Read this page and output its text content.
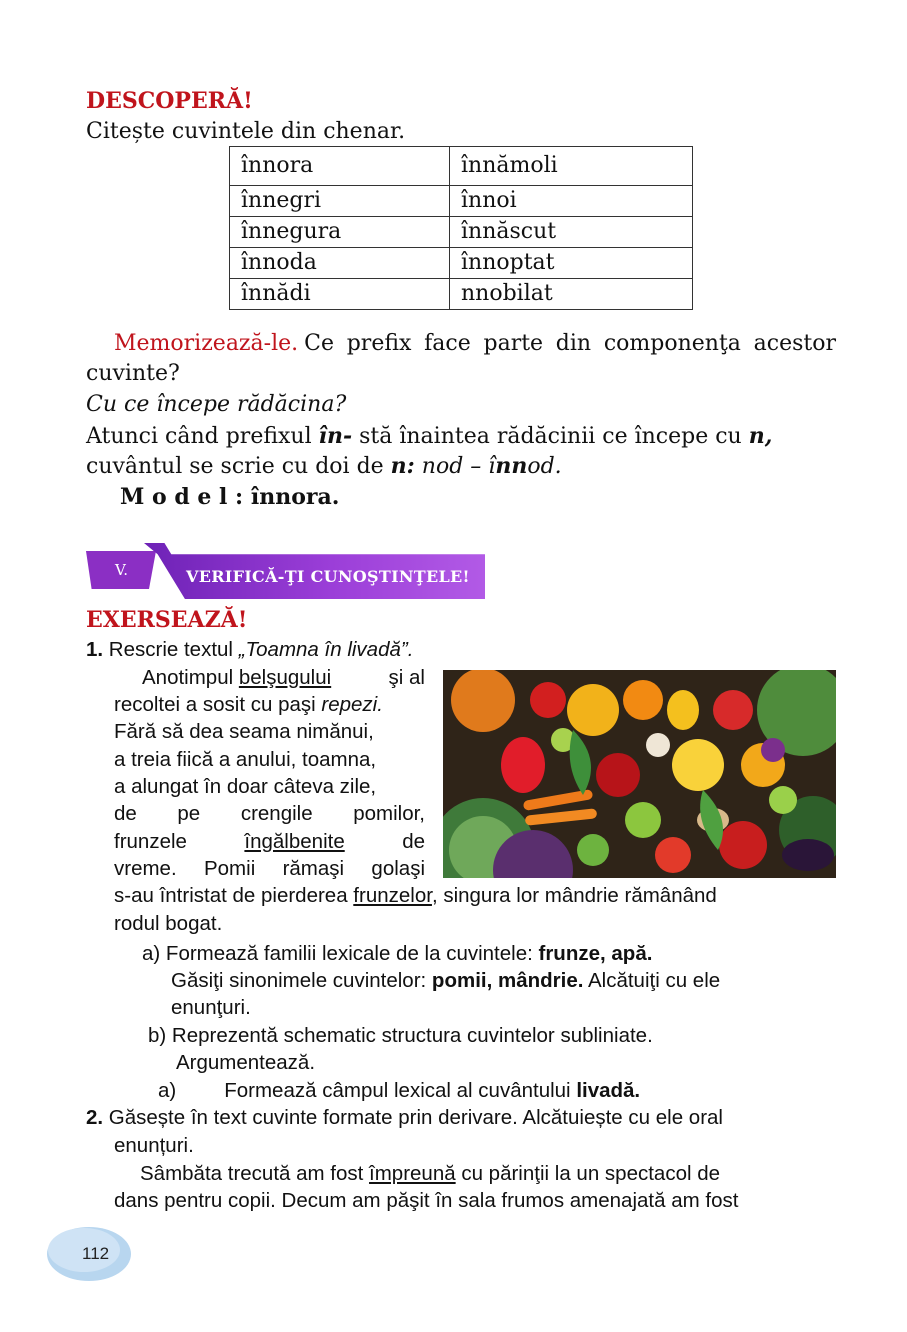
DESCOPERĂ!
Citește cuvintele din chenar.
înnora	înnămoli
înnegri	înnoi
înnegura	înnăscut
înnoda	înnoptat
înnădi	nnobilat
Memorizează-le. Ce prefix face parte din componenţa acestor
cuvinte?
Cu ce începe rădăcina?
Atunci când prefixul în- stă înaintea rădăcinii ce începe cu n,
cuvântul se scrie cu doi de n: nod – înnod.
M o d e l : înnora.
V.	VERIFICĂ-ŢI CUNOŞTINŢELE!
EXERSEAZĂ!
1. Rescrie textul „Toamna în livadă”.
Anotimpul belşugului	şi al
recoltei a sosit cu paşi repezi.
Fără să dea seama nimănui,
a treia fiică a anului, toamna,
a alungat în doar câteva zile,
de pe crengile pomilor,
frunzele	îngălbenite	de
vreme. Pomii rămaşi golaşi
s-au întristat de pierderea frunzelor, singura lor mândrie rămânând
rodul bogat.
a) Formează familii lexicale de la cuvintele: frunze, apă.
Găsiţi sinonimele cuvintelor: pomii, mândrie. Alcătuiţi cu ele
enunţuri.
b) Reprezentă schematic structura cuvintelor subliniate.
Argumentează.
a) Formează câmpul lexical al cuvântului livadă.
2. Găsește în text cuvinte formate prin derivare. Alcătuiește cu ele oral
enunțuri.
Sâmbăta trecută am fost împreună cu părinţii la un spectacol de
dans pentru copii. Decum am păşit în sala frumos amenajată am fost
112
